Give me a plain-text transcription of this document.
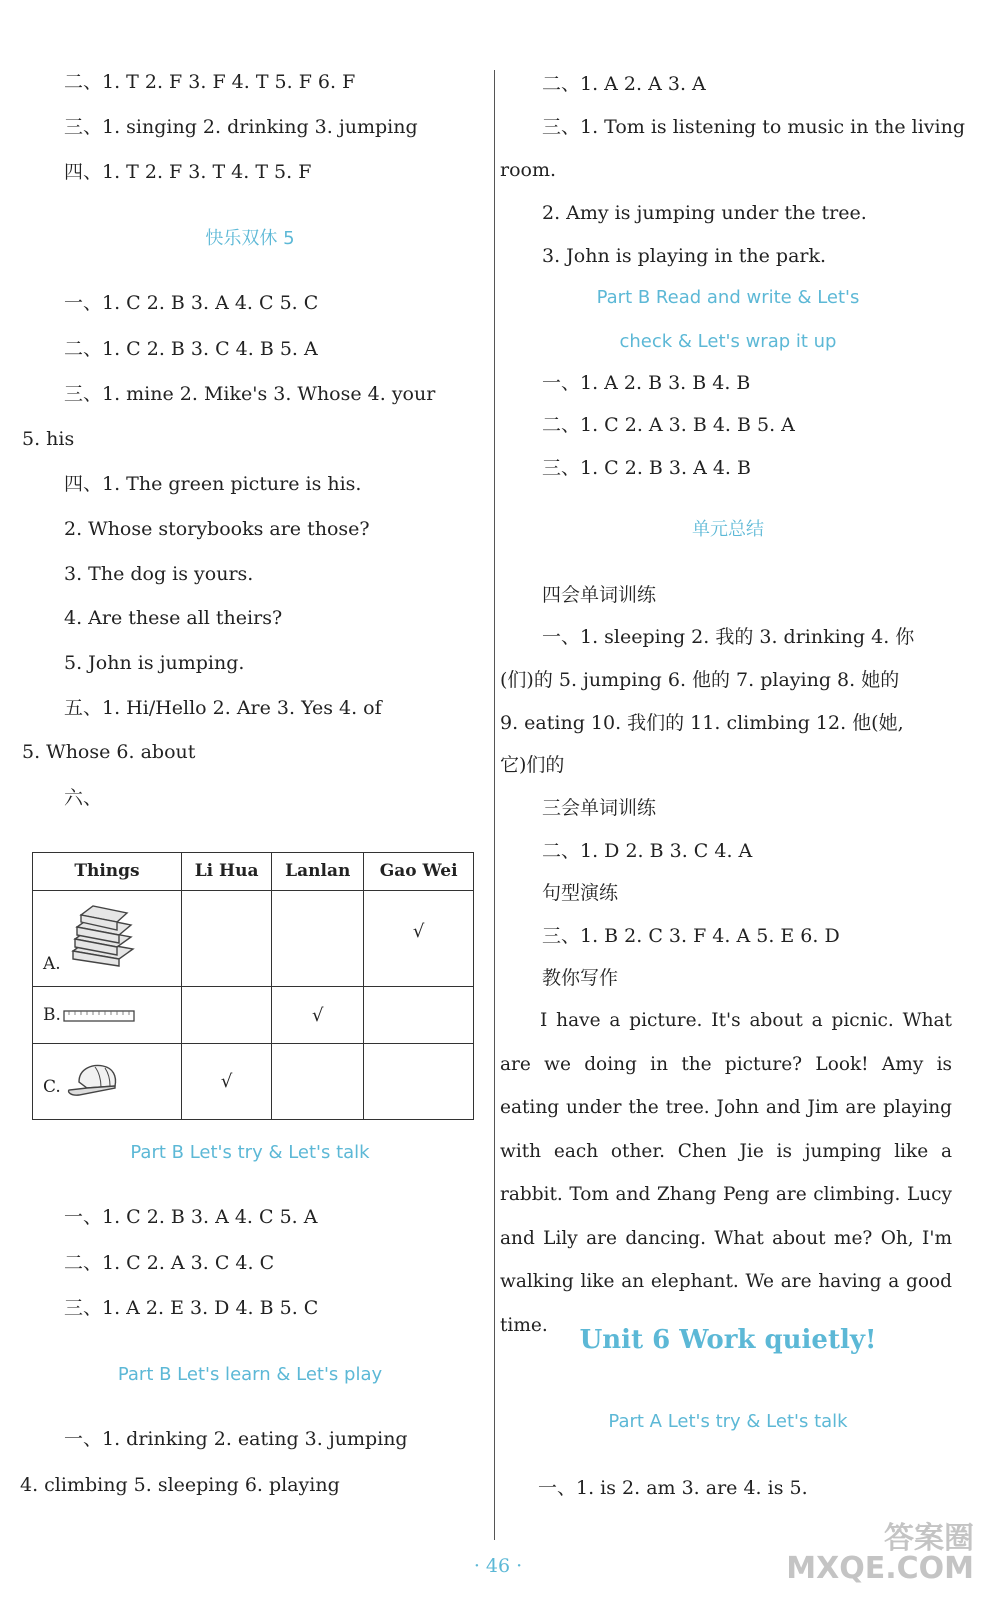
二、1. T 2. F 3. F 4. T 5. F 6. F
三、1. singing 2. drinking 3. jumping
四、1. T 2. F 3. T 4. T 5. F
快乐双休 5
一、1. C 2. B 3. A 4. C 5. C
二、1. C 2. B 3. C 4. B 5. A
三、1. mine 2. Mike's 3. Whose 4. your
5. his
四、1. The green picture is his.
2. Whose storybooks are those?
3. The dog is yours.
4. Are these all theirs?
5. John is jumping.
五、1. Hi/Hello 2. Are 3. Yes 4. of
5. Whose 6. about
六、
Things	Li Hua	Lanlan	Gao Wei

A.			√

B.		√	

C.	√		
Part B Let's try & Let's talk
一、1. C 2. B 3. A 4. C 5. A
二、1. C 2. A 3. C 4. C
三、1. A 2. E 3. D 4. B 5. C
Part B Let's learn & Let's play
一、1. drinking 2. eating 3. jumping
4. climbing 5. sleeping 6. playing
二、1. A 2. A 3. A
三、1. Tom is listening to music in the living
room.
2. Amy is jumping under the tree.
3. John is playing in the park.
Part B Read and write & Let's
check & Let's wrap it up
一、1. A 2. B 3. B 4. B
二、1. C 2. A 3. B 4. B 5. A
三、1. C 2. B 3. A 4. B
单元总结
四会单词训练
一、1. sleeping 2. 我的 3. drinking 4. 你
(们)的 5. jumping 6. 他的 7. playing 8. 她的
9. eating 10. 我们的 11. climbing 12. 他(她,
它)们的
三会单词训练
二、1. D 2. B 3. C 4. A
句型演练
三、1. B 2. C 3. F 4. A 5. E 6. D
教你写作
I have a picture. It's about a picnic. What are we doing in the picture? Look! Amy is eating under the tree. John and Jim are playing with each other. Chen Jie is jumping like a rabbit. Tom and Zhang Peng are climbing. Lucy and Lily are dancing. What about me? Oh, I'm walking like an elephant. We are having a good time.	Unit 6 Work quietly!
Part A Let's try & Let's talk
一、1. is 2. am 3. are 4. is 5.
· 46 ·
答案圈
MXQE.COM
